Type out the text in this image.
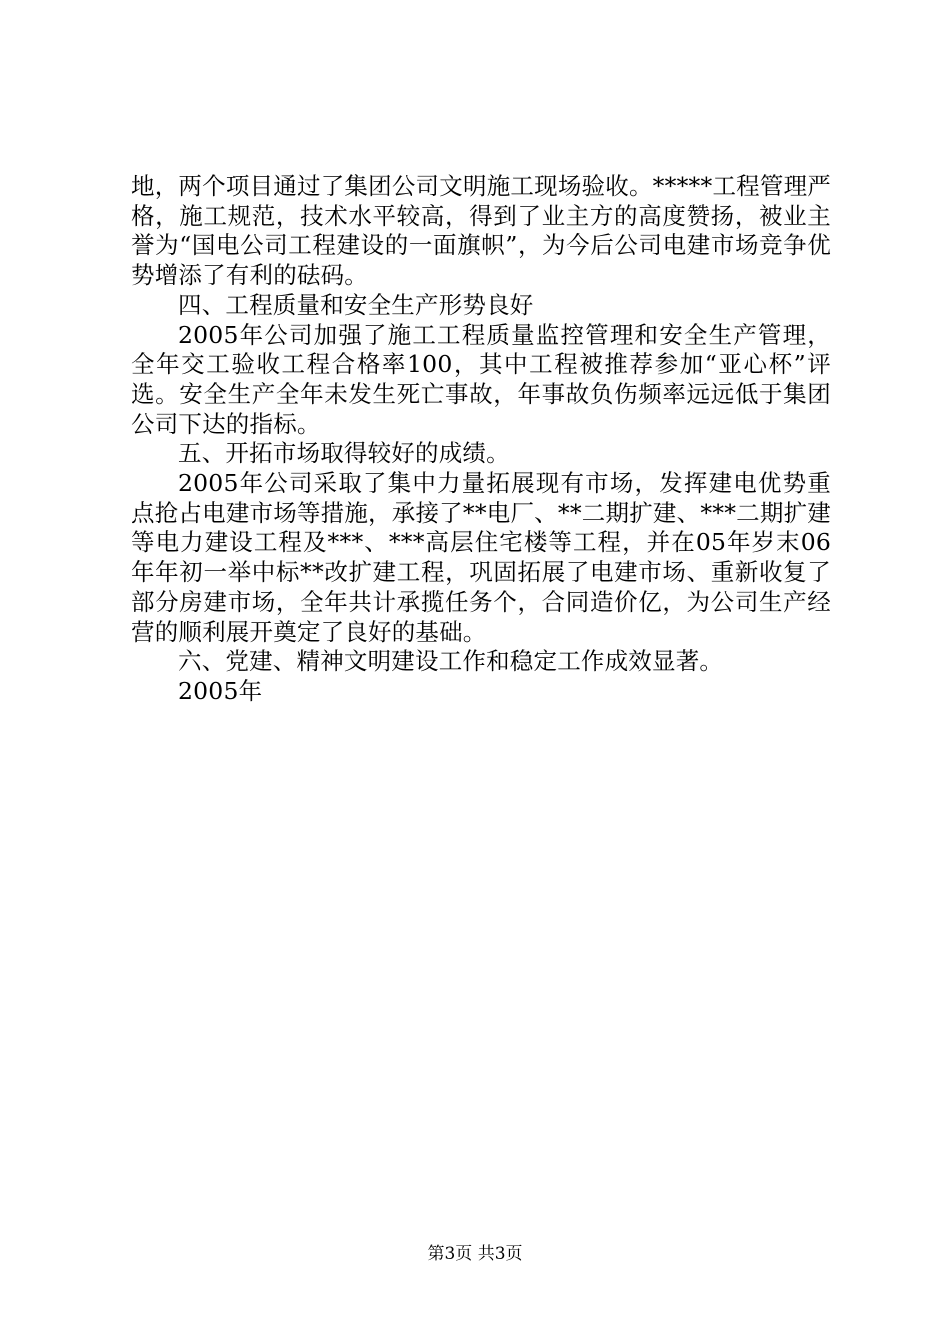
地，两个项目通过了集团公司文明施工现场验收。*****工程管理严格，施工规范，技术水平较高，得到了业主方的高度赞扬，被业主誉为“国电公司工程建设的一面旗帜”，为今后公司电建市场竞争优势增添了有利的砝码。

四、工程质量和安全生产形势良好

2005年公司加强了施工工程质量监控管理和安全生产管理，全年交工验收工程合格率100，其中工程被推荐参加“亚心杯”评选。安全生产全年未发生死亡事故，年事故负伤频率远远低于集团公司下达的指标。

五、开拓市场取得较好的成绩。

2005年公司采取了集中力量拓展现有市场，发挥建电优势重点抢占电建市场等措施，承接了**电厂、**二期扩建、***二期扩建等电力建设工程及***、***高层住宅楼等工程，并在05年岁末06年年初一举中标**改扩建工程，巩固拓展了电建市场、重新收复了部分房建市场，全年共计承揽任务个，合同造价亿，为公司生产经营的顺利展开奠定了良好的基础。

六、党建、精神文明建设工作和稳定工作成效显著。

2005年

第3页 共3页
